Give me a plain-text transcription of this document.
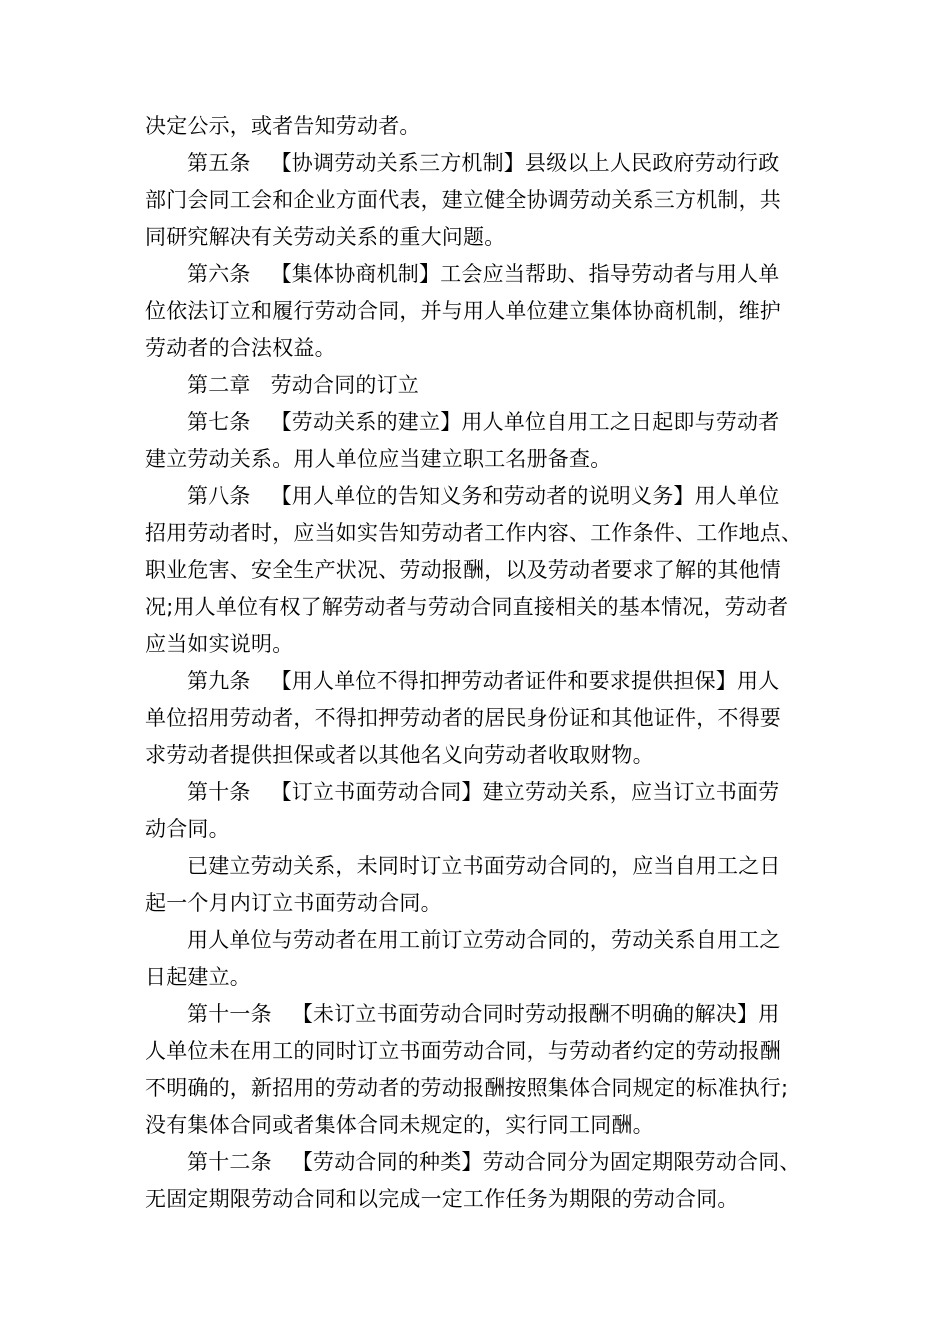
决定公示，或者告知劳动者。
第五条 【协调劳动关系三方机制】县级以上人民政府劳动行政
部门会同工会和企业方面代表，建立健全协调劳动关系三方机制，共
同研究解决有关劳动关系的重大问题。
第六条 【集体协商机制】工会应当帮助、指导劳动者与用人单
位依法订立和履行劳动合同，并与用人单位建立集体协商机制，维护
劳动者的合法权益。
第二章 劳动合同的订立
第七条 【劳动关系的建立】用人单位自用工之日起即与劳动者
建立劳动关系。用人单位应当建立职工名册备查。
第八条 【用人单位的告知义务和劳动者的说明义务】用人单位
招用劳动者时，应当如实告知劳动者工作内容、工作条件、工作地点、
职业危害、安全生产状况、劳动报酬，以及劳动者要求了解的其他情
况;用人单位有权了解劳动者与劳动合同直接相关的基本情况，劳动者
应当如实说明。
第九条 【用人单位不得扣押劳动者证件和要求提供担保】用人
单位招用劳动者，不得扣押劳动者的居民身份证和其他证件，不得要
求劳动者提供担保或者以其他名义向劳动者收取财物。
第十条 【订立书面劳动合同】建立劳动关系，应当订立书面劳
动合同。
已建立劳动关系，未同时订立书面劳动合同的，应当自用工之日
起一个月内订立书面劳动合同。
用人单位与劳动者在用工前订立劳动合同的，劳动关系自用工之
日起建立。
第十一条 【未订立书面劳动合同时劳动报酬不明确的解决】用
人单位未在用工的同时订立书面劳动合同，与劳动者约定的劳动报酬
不明确的，新招用的劳动者的劳动报酬按照集体合同规定的标准执行;
没有集体合同或者集体合同未规定的，实行同工同酬。
第十二条 【劳动合同的种类】劳动合同分为固定期限劳动合同、
无固定期限劳动合同和以完成一定工作任务为期限的劳动合同。
